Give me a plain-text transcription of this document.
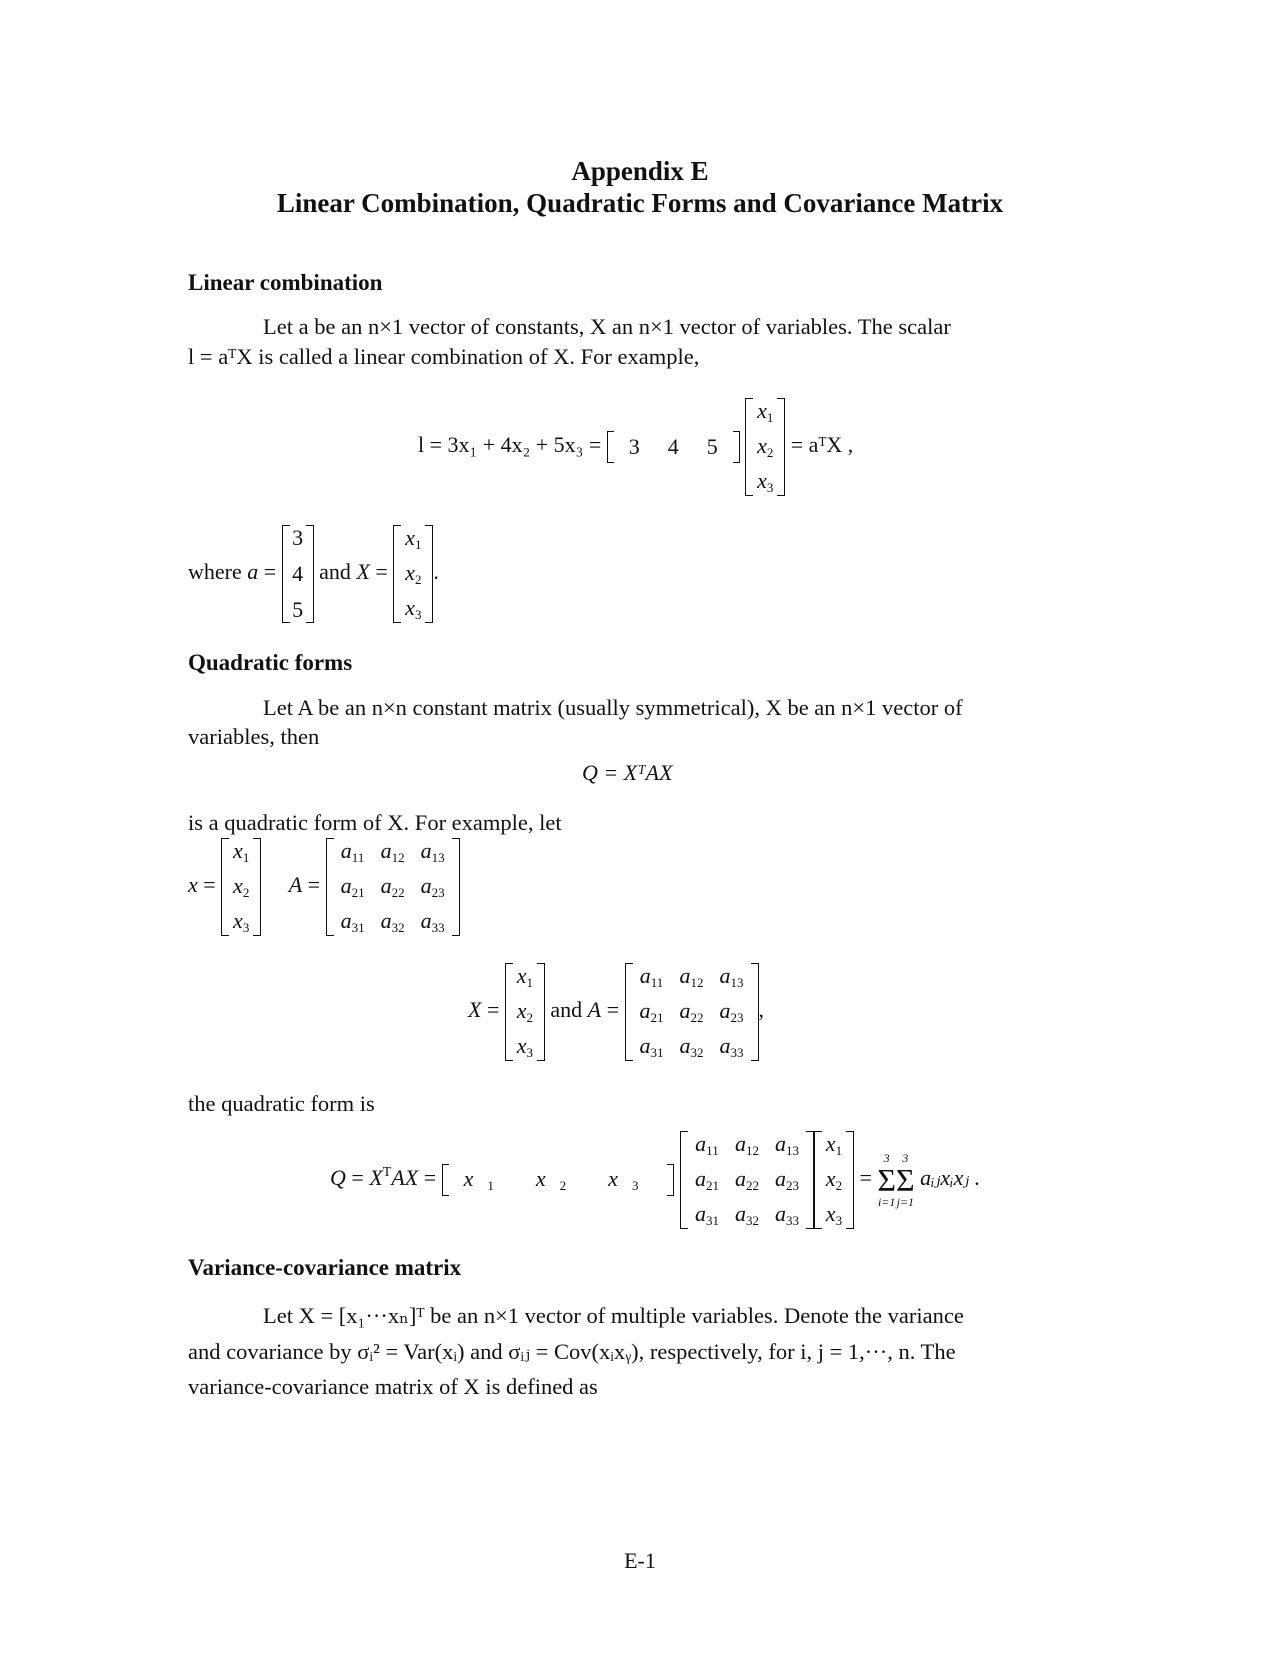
Appendix E
Linear Combination, Quadratic Forms and Covariance Matrix
Linear combination
Let a be an n×1 vector of constants, X an n×1 vector of variables. The scalar
l = aᵀX is called a linear combination of X. For example,
l = 3x₁ + 4x₂ + 5x₃ = 3 4 5

$x_1$
$x_2$
$x_3$
= aᵀX ,
where a =
3
4
5
and X =
$x_1$
$x_2$
$x_3$
.
Quadratic forms
Let A be an n×n constant matrix (usually symmetrical), X be an n×1 vector of
variables, then
Q = XᵀAX
is a quadratic form of X. For example, let
x =
$x_1$
$x_2$
$x_3$
A =
$a_{11}$ $a_{12}$ $a_{13}$
$a_{21}$ $a_{22}$ $a_{23}$
$a_{31}$ $a_{32}$ $a_{33}$
X =
$x_1$
$x_2$
$x_3$
and A =
$a_{11}$ $a_{12}$ $a_{13}$
$a_{21}$ $a_{22}$ $a_{23}$
$a_{31}$ $a_{32}$ $a_{33}$
,
the quadratic form is
$Q = X^TAX = x$ $_1$	x $_2$	x $_3$

$a_{11}$ $a_{12}$ $a_{13}$
$a_{21}$ $a_{22}$ $a_{23}$
$a_{31}$ $a_{32}$ $a_{33}$
$x_1$
$x_2$
$x_3$
=
3
Σ
i=1
3
Σ
j=1
aᵢⱼxᵢxⱼ .
Variance-covariance matrix
Let X = [x₁···xₙ]ᵀ be an n×1 vector of multiple variables. Denote the variance
and covariance by σᵢ² = Var(xᵢ) and σᵢⱼ = Cov(xᵢxᵧ), respectively, for i, j = 1,···, n. The
variance-covariance matrix of X is defined as
E-1
